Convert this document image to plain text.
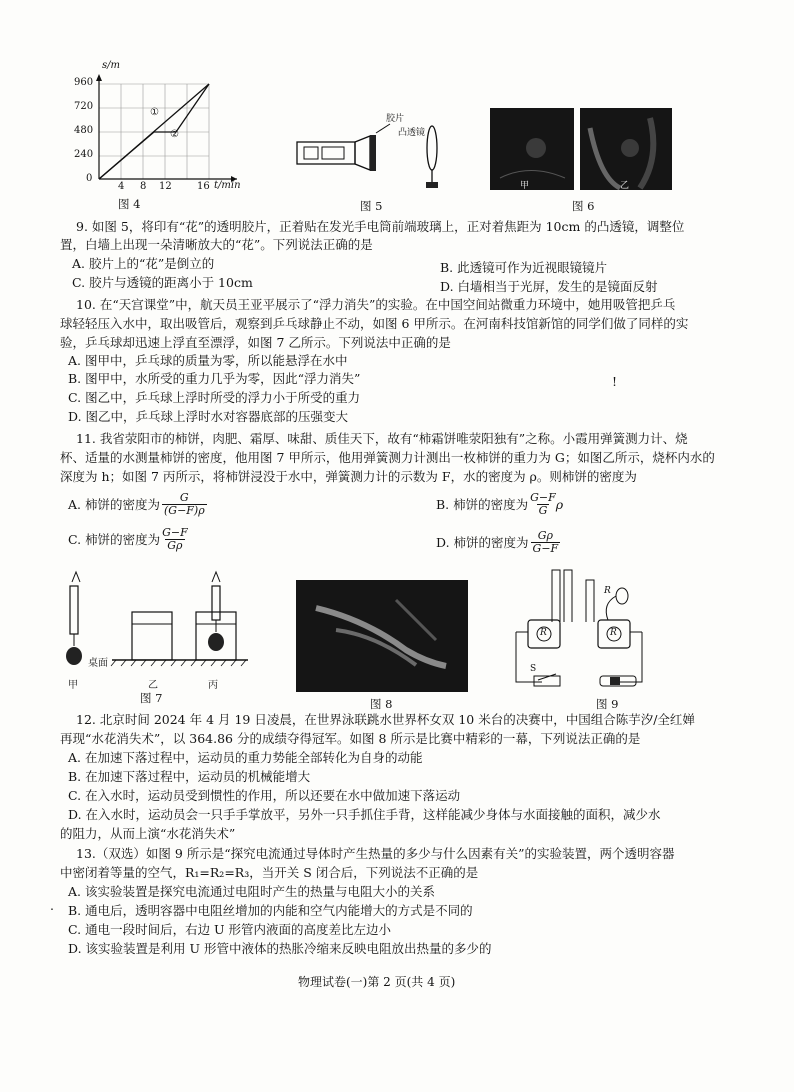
s/m
960
720
480
240
0
4 8 12	16 t/min
①
②
图 4
胶片
凸透镜
图 5
甲	乙
图 6
9. 如图 5，将印有“花”的透明胶片，正着贴在发光手电筒前端玻璃上，正对着焦距为 10cm 的凸透镜，调整位
置，白墙上出现一朵清晰放大的“花”。下列说法正确的是
A. 胶片上的“花”是倒立的	B. 此透镜可作为近视眼镜镜片
C. 胶片与透镜的距离小于 10cm	D. 白墙相当于光屏，发生的是镜面反射
10. 在“天宫课堂”中，航天员王亚平展示了“浮力消失”的实验。在中国空间站微重力环境中，她用吸管把乒乓
球轻轻压入水中，取出吸管后，观察到乒乓球静止不动，如图 6 甲所示。在河南科技馆新馆的同学们做了同样的实
验，乒乓球却迅速上浮直至漂浮，如图 7 乙所示。下列说法中正确的是
A. 图甲中，乒乓球的质量为零，所以能悬浮在水中
B. 图甲中，水所受的重力几乎为零，因此“浮力消失”
C. 图乙中，乒乓球上浮时所受的浮力小于所受的重力
D. 图乙中，乒乓球上浮时水对容器底部的压强变大
!
11. 我省荥阳市的柿饼，肉肥、霜厚、味甜、质佳天下，故有“柿霜饼唯荥阳独有”之称。小霞用弹簧测力计、烧
杯、适量的水测量柿饼的密度，他用图 7 甲所示，他用弹簧测力计测出一枚柿饼的重力为 G；如图乙所示，烧杯内水的
深度为 h；如图 7 丙所示，将柿饼浸没于水中，弹簧测力计的示数为 F，水的密度为 ρ。则柿饼的密度为
A. 柿饼的密度为 $\frac{G}{(G-F)\rho}$	B. 柿饼的密度为 $\frac{G-F}{G}$ ρ
C. 柿饼的密度为 $\frac{G-F}{G\rho}$	D. 柿饼的密度为 $\frac{G\rho}{G-F}$
桌面
甲	乙	丙
图 7	图 8
R
R	R
S
图 9
12. 北京时间 2024 年 4 月 19 日凌晨，在世界泳联跳水世界杯女双 10 米台的决赛中，中国组合陈芋汐/全红婵
再现“水花消失术”，以 364.86 分的成绩夺得冠军。如图 8 所示是比赛中精彩的一幕，下列说法正确的是
A. 在加速下落过程中，运动员的重力势能全部转化为自身的动能
B. 在加速下落过程中，运动员的机械能增大
C. 在入水时，运动员受到惯性的作用，所以还要在水中做加速下落运动
D. 在入水时，运动员会一只手手掌放平，另外一只手抓住手背，这样能减少身体与水面接触的面积，减少水
的阻力，从而上演“水花消失术”
13.（双选）如图 9 所示是“探究电流通过导体时产生热量的多少与什么因素有关”的实验装置，两个透明容器
中密闭着等量的空气，R₁=R₂=R₃，当开关 S 闭合后，下列说法不正确的是
A. 该实验装置是探究电流通过电阻时产生的热量与电阻大小的关系
B. 通电后，透明容器中电阻丝增加的内能和空气内能增大的方式是不同的
C. 通电一段时间后，右边 U 形管内液面的高度差比左边小
D. 该实验装置是利用 U 形管中液体的热胀冷缩来反映电阻放出热量的多少的
.
物理试卷(一)第 2 页(共 4 页)
